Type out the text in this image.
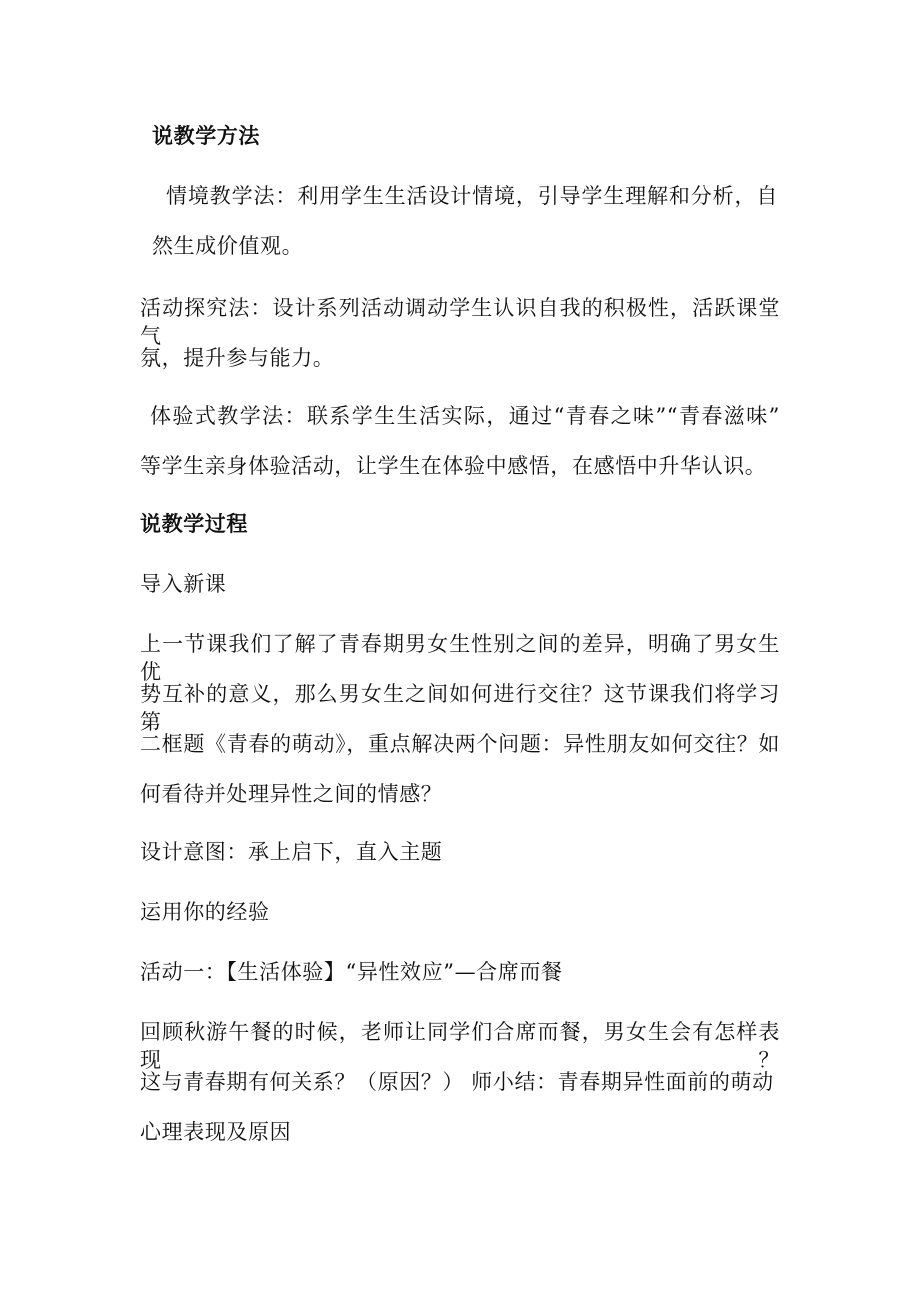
说教学方法
情境教学法：利用学生生活设计情境，引导学生理解和分析，自
然生成价值观。
活动探究法：设计系列活动调动学生认识自我的积极性，活跃课堂气
氛，提升参与能力。
体验式教学法：联系学生生活实际，通过“青春之味”“青春滋味”
等学生亲身体验活动，让学生在体验中感悟，在感悟中升华认识。
说教学过程
导入新课
上一节课我们了解了青春期男女生性别之间的差异，明确了男女生优
势互补的意义，那么男女生之间如何进行交往？这节课我们将学习第
二框题《青春的萌动》，重点解决两个问题：异性朋友如何交往？如
何看待并处理异性之间的情感？
设计意图：承上启下，直入主题
运用你的经验
活动一：【生活体验】“异性效应”—合席而餐
回顾秋游午餐的时候，老师让同学们合席而餐，男女生会有怎样表现？
这与青春期有何关系？（原因？） 师小结：青春期异性面前的萌动
心理表现及原因
